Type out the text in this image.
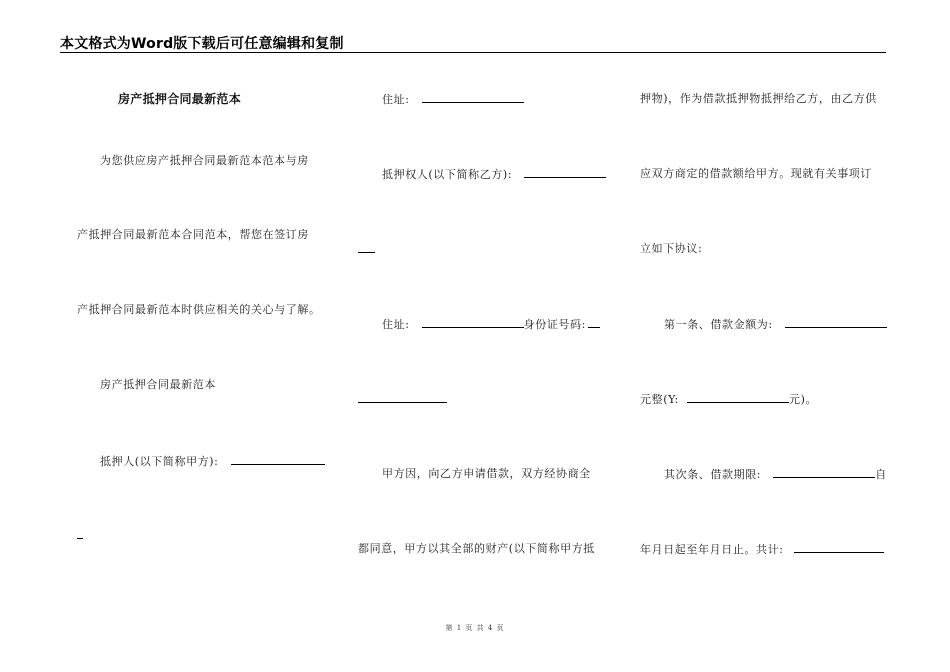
本文格式为Word版下载后可任意编辑和复制
房产抵押合同最新范本
为您供应房产抵押合同最新范本范本与房
产抵押合同最新范本合同范本，帮您在签订房
产抵押合同最新范本时供应相关的关心与了解。
房产抵押合同最新范本
抵押人(以下简称甲方):
住址:
抵押权人(以下简称乙方):
住址:	身份证号码:
甲方因，向乙方申请借款，双方经协商全
都同意，甲方以其全部的财产(以下简称甲方抵
押物)，作为借款抵押物抵押给乙方，由乙方供
应双方商定的借款额给甲方。现就有关事项订
立如下协议:
第一条、借款金额为:
元整(Y:	元)。
其次条、借款期限:	自
年月日起至年月日止。共计:
第 1 页 共 4 页
